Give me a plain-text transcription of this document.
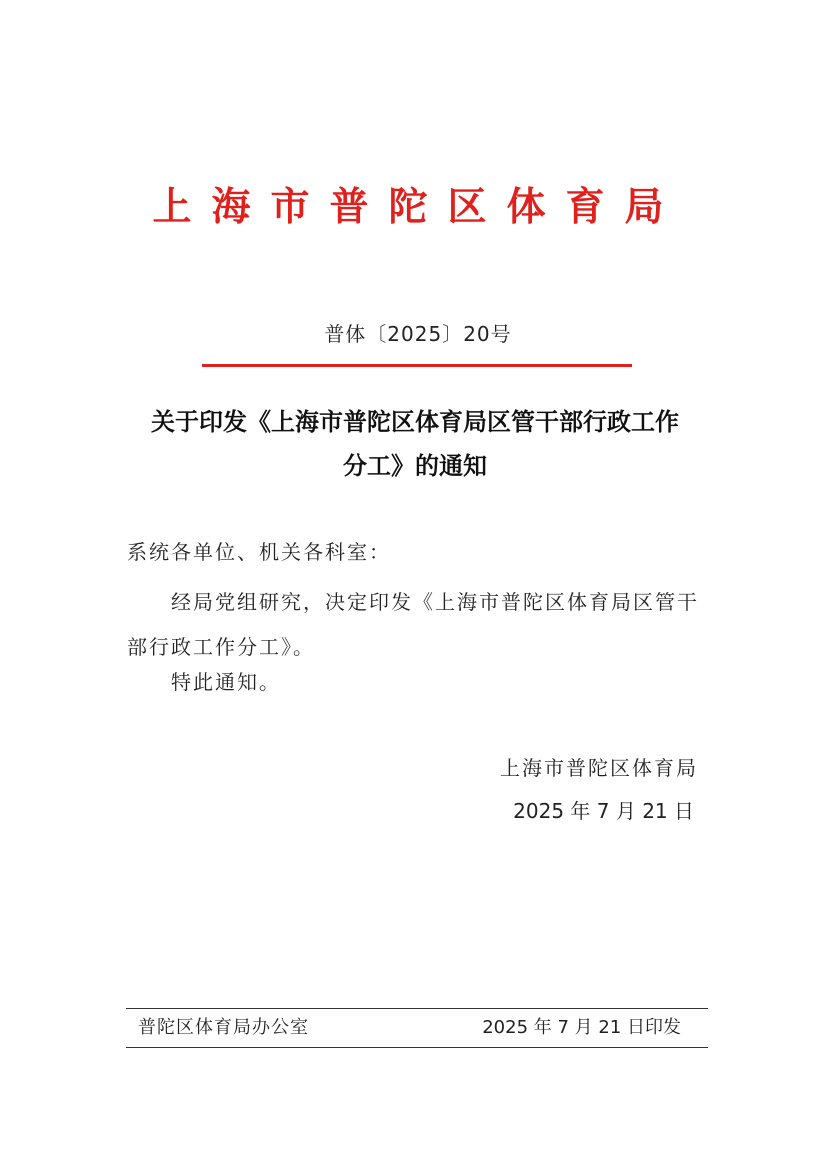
上海市普陀区体育局
普体〔2025〕20号
关于印发《上海市普陀区体育局区管干部行政工作
分工》的通知
系统各单位、机关各科室：
经局党组研究，决定印发《上海市普陀区体育局区管干部行政工作分工》。
特此通知。
上海市普陀区体育局
2025 年 7 月 21 日
普陀区体育局办公室	2025 年 7 月 21 日印发
